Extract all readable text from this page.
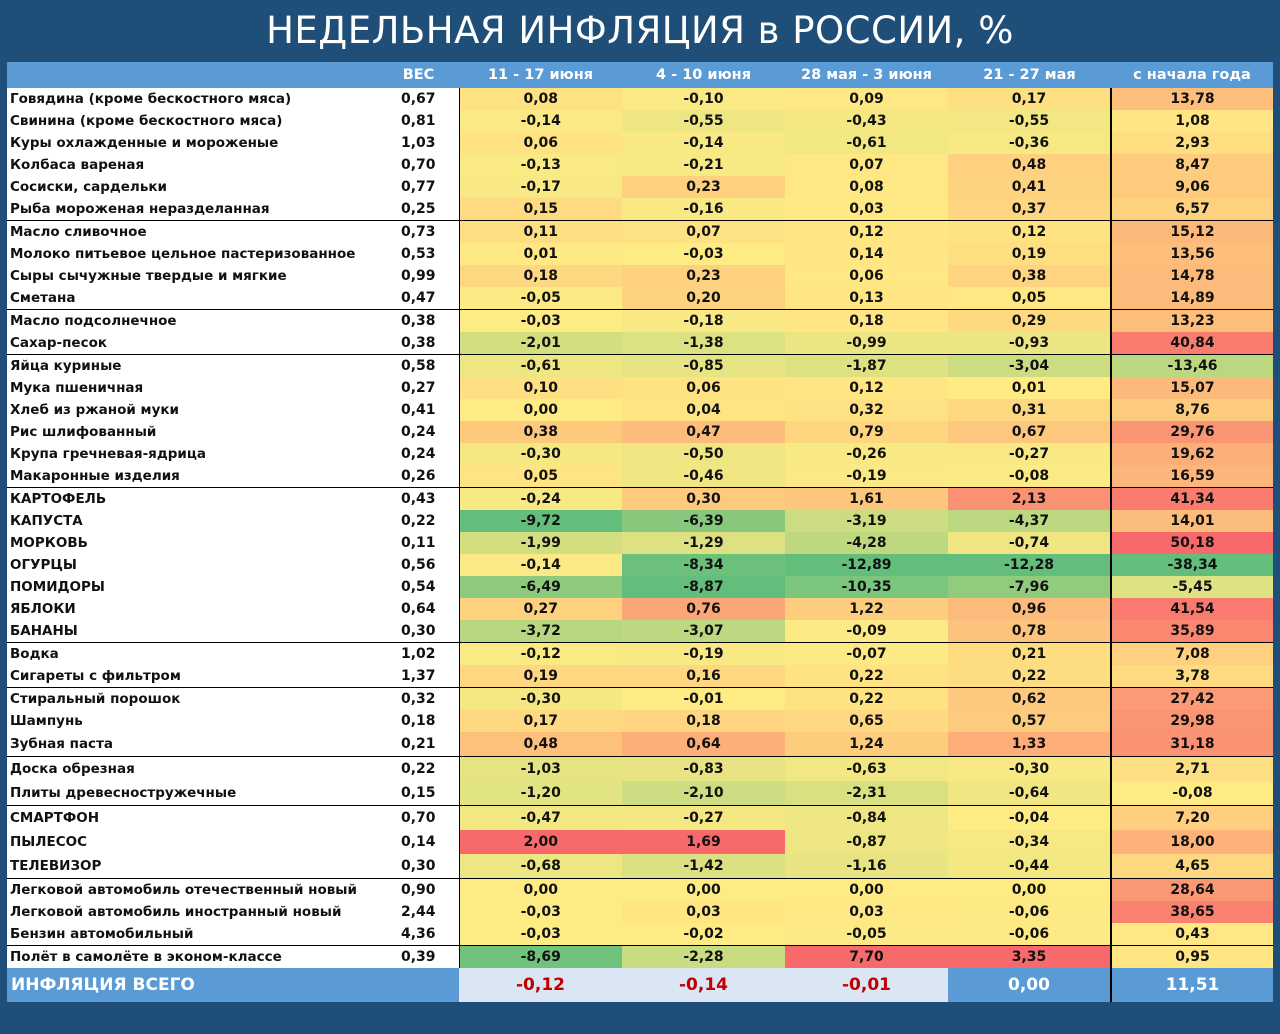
НЕДЕЛЬНАЯ ИНФЛЯЦИЯ в РОССИИ, %
	ВЕС	11 - 17 июня	4 - 10 июня	28 мая - 3 июня	21 - 27 мая	с начала года
Говядина (кроме бескостного мяса)	0,67	0,08	-0,10	0,09	0,17	13,78
Свинина (кроме бескостного мяса)	0,81	-0,14	-0,55	-0,43	-0,55	1,08
Куры охлажденные и мороженые	1,03	0,06	-0,14	-0,61	-0,36	2,93
Колбаса вареная	0,70	-0,13	-0,21	0,07	0,48	8,47
Сосиски, сардельки	0,77	-0,17	0,23	0,08	0,41	9,06
Рыба мороженая неразделанная	0,25	0,15	-0,16	0,03	0,37	6,57
Масло сливочное	0,73	0,11	0,07	0,12	0,12	15,12
Молоко питьевое цельное пастеризованное	0,53	0,01	-0,03	0,14	0,19	13,56
Сыры сычужные твердые и мягкие	0,99	0,18	0,23	0,06	0,38	14,78
Сметана	0,47	-0,05	0,20	0,13	0,05	14,89
Масло подсолнечное	0,38	-0,03	-0,18	0,18	0,29	13,23
Сахар-песок	0,38	-2,01	-1,38	-0,99	-0,93	40,84
Яйца куриные	0,58	-0,61	-0,85	-1,87	-3,04	-13,46
Мука пшеничная	0,27	0,10	0,06	0,12	0,01	15,07
Хлеб из ржаной муки	0,41	0,00	0,04	0,32	0,31	8,76
Рис шлифованный	0,24	0,38	0,47	0,79	0,67	29,76
Крупа гречневая-ядрица	0,24	-0,30	-0,50	-0,26	-0,27	19,62
Макаронные изделия	0,26	0,05	-0,46	-0,19	-0,08	16,59
КАРТОФЕЛЬ	0,43	-0,24	0,30	1,61	2,13	41,34
КАПУСТА	0,22	-9,72	-6,39	-3,19	-4,37	14,01
МОРКОВЬ	0,11	-1,99	-1,29	-4,28	-0,74	50,18
ОГУРЦЫ	0,56	-0,14	-8,34	-12,89	-12,28	-38,34
ПОМИДОРЫ	0,54	-6,49	-8,87	-10,35	-7,96	-5,45
ЯБЛОКИ	0,64	0,27	0,76	1,22	0,96	41,54
БАНАНЫ	0,30	-3,72	-3,07	-0,09	0,78	35,89
Водка	1,02	-0,12	-0,19	-0,07	0,21	7,08
Сигареты с фильтром	1,37	0,19	0,16	0,22	0,22	3,78
Стиральный порошок	0,32	-0,30	-0,01	0,22	0,62	27,42
Шампунь	0,18	0,17	0,18	0,65	0,57	29,98
Зубная паста	0,21	0,48	0,64	1,24	1,33	31,18
Доска обрезная	0,22	-1,03	-0,83	-0,63	-0,30	2,71
Плиты древесностружечные	0,15	-1,20	-2,10	-2,31	-0,64	-0,08
СМАРТФОН	0,70	-0,47	-0,27	-0,84	-0,04	7,20
ПЫЛЕСОС	0,14	2,00	1,69	-0,87	-0,34	18,00
ТЕЛЕВИЗОР	0,30	-0,68	-1,42	-1,16	-0,44	4,65
Легковой автомобиль отечественный новый	0,90	0,00	0,00	0,00	0,00	28,64
Легковой автомобиль иностранный новый	2,44	-0,03	0,03	0,03	-0,06	38,65
Бензин автомобильный	4,36	-0,03	-0,02	-0,05	-0,06	0,43
Полёт в самолёте в эконом-классе	0,39	-8,69	-2,28	7,70	3,35	0,95
ИНФЛЯЦИЯ ВСЕГО		-0,12	-0,14	-0,01	0,00	11,51
